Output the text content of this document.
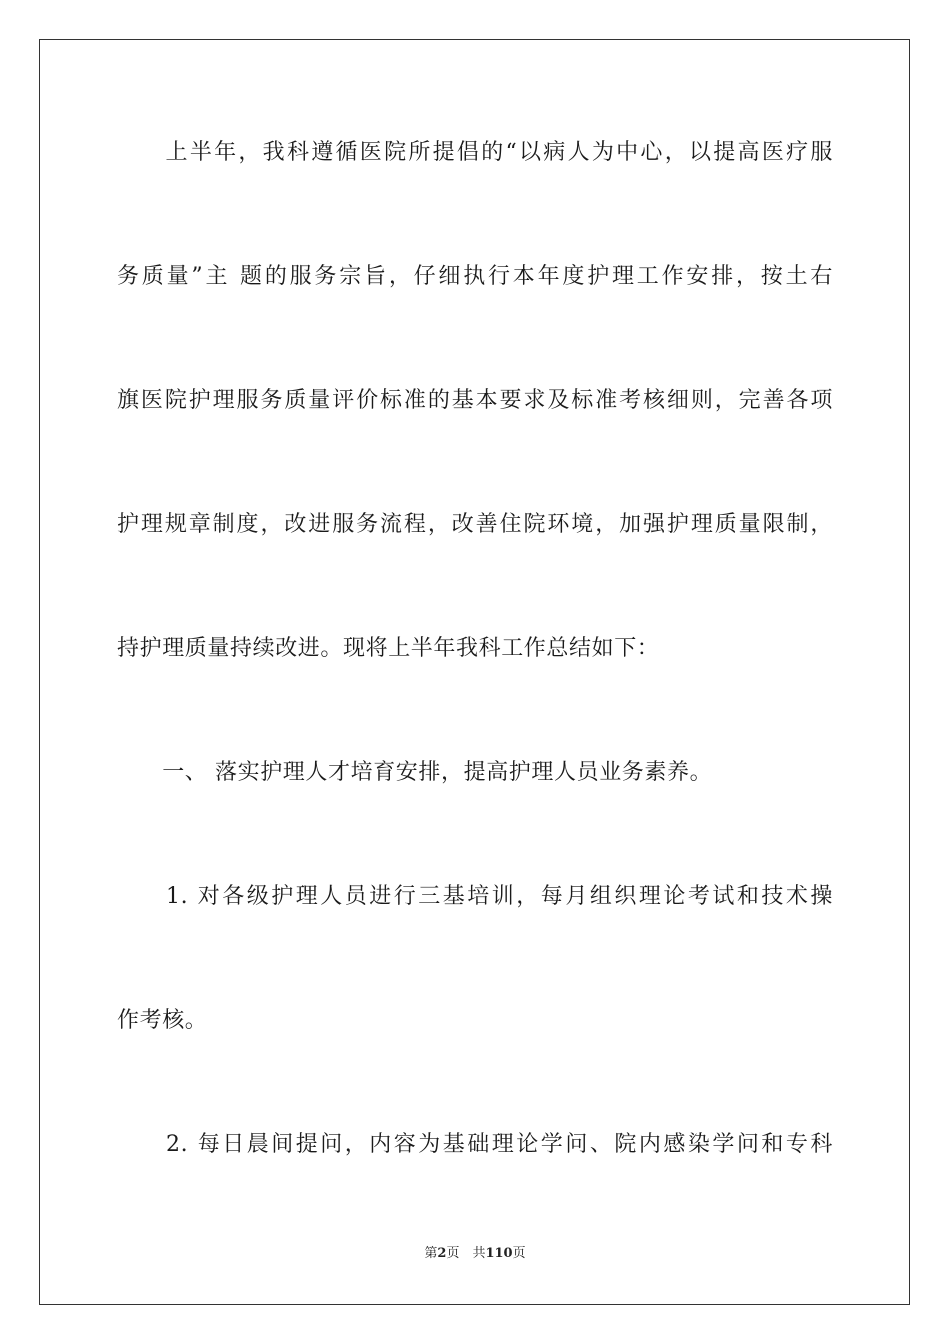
　　上半年，我科遵循医院所提倡的“以病人为中心，以提高医疗服
务质量”主 题的服务宗旨，仔细执行本年度护理工作安排，按土右
旗医院护理服务质量评价标准的基本要求及标准考核细则，完善各项
护理规章制度，改进服务流程，改善住院环境，加强护理质量限制，
持护理质量持续改进。现将上半年我科工作总结如下：
　　一、 落实护理人才培育安排，提高护理人员业务素养。
　　1. 对各级护理人员进行三基培训，每月组织理论考试和技术操
作考核。
　　2. 每日晨间提问，内容为基础理论学问、院内感染学问和专科
第2页　共110页
